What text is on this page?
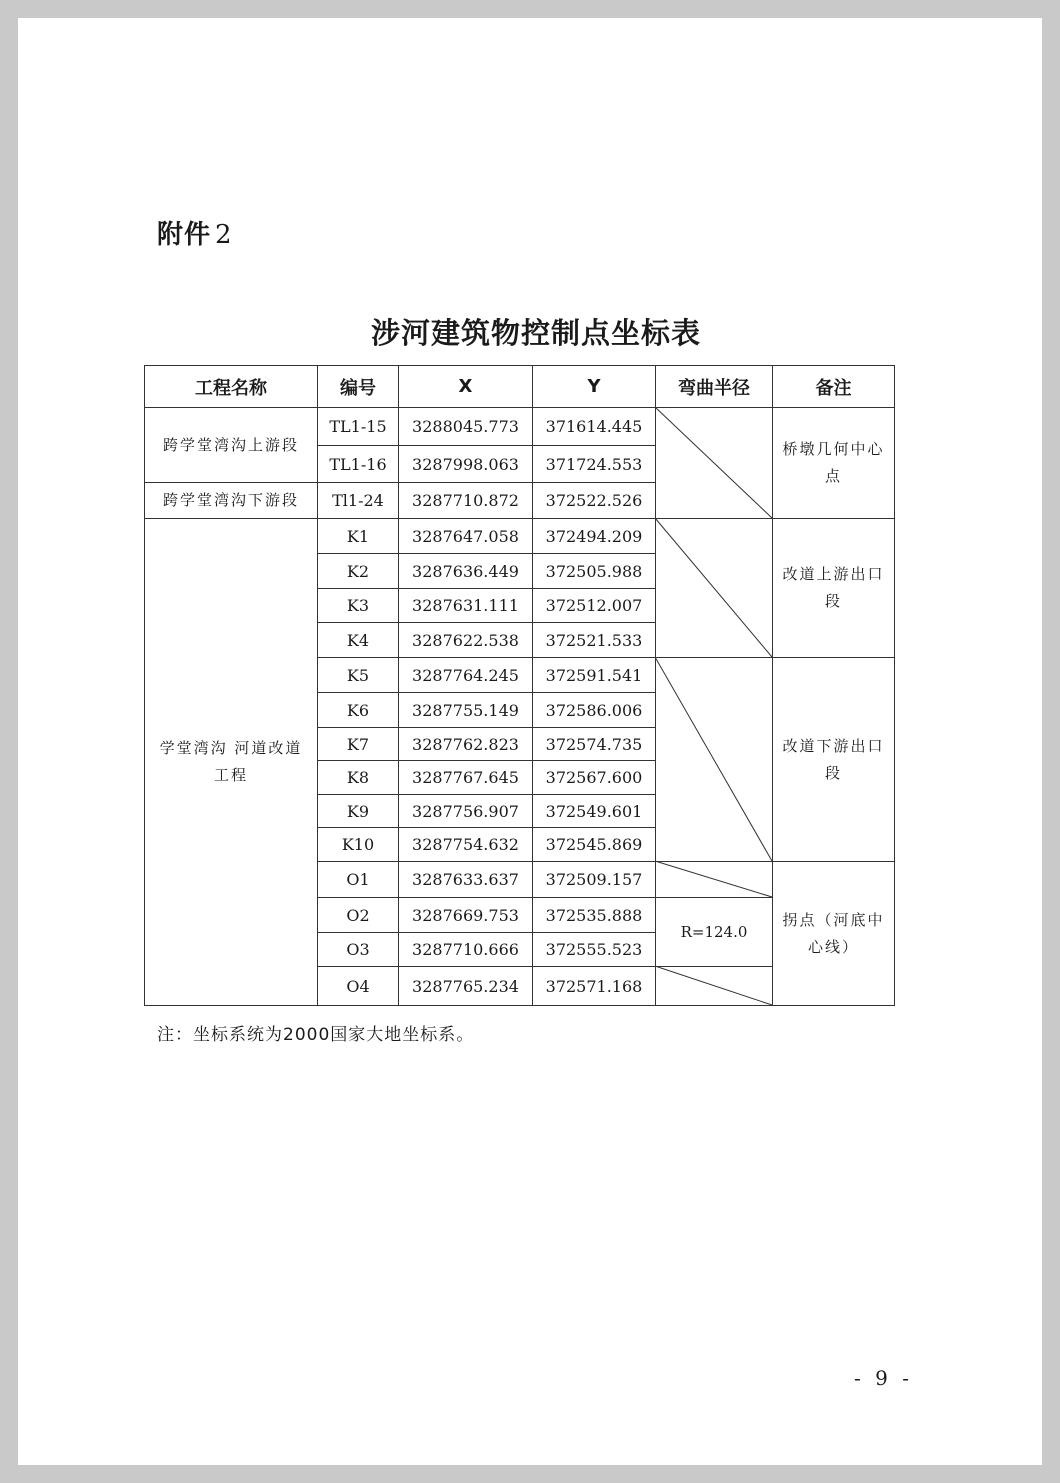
附件 2
涉河建筑物控制点坐标表
工程名称	编号	X	Y	弯曲半径	备注
跨学堂湾沟上游段	TL1-15	3288045.773	371614.445		桥墩几何中心点
	TL1-16	3287998.063	371724.553		
跨学堂湾沟下游段	Tl1-24	3287710.872	372522.526		
学堂湾沟 河道改道工程	K1	3287647.058	372494.209		改道上游出口段
	K2	3287636.449	372505.988		
	K3	3287631.111	372512.007		
	K4	3287622.538	372521.533		
	K5	3287764.245	372591.541		改道下游出口段
	K6	3287755.149	372586.006		
	K7	3287762.823	372574.735		
	K8	3287767.645	372567.600		
	K9	3287756.907	372549.601		
	K10	3287754.632	372545.869		
	O1	3287633.637	372509.157		拐点（河底中心线）
	O2	3287669.753	372535.888	R=124.0	
	O3	3287710.666	372555.523		
	O4	3287765.234	372571.168		
注：坐标系统为2000国家大地坐标系。
- 9 -
